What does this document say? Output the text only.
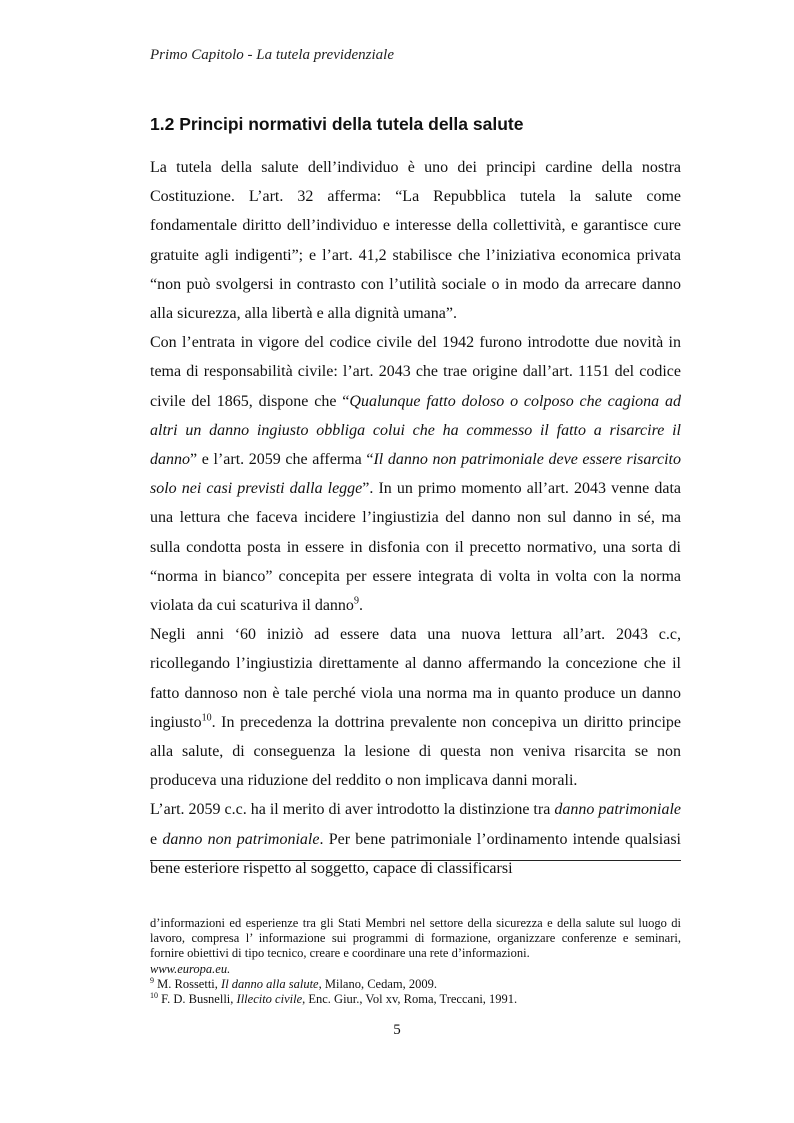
Primo Capitolo - La tutela previdenziale
1.2 Principi normativi della tutela della salute

La tutela della salute dell’individuo è uno dei principi cardine della nostra Costituzione. L’art. 32 afferma: “La Repubblica tutela la salute come fondamentale diritto dell’individuo e interesse della collettività, e garantisce cure gratuite agli indigenti”; e l’art. 41,2 stabilisce che l’iniziativa economica privata “non può svolgersi in contrasto con l’utilità sociale o in modo da arrecare danno alla sicurezza, alla libertà e alla dignità umana”.

Con l’entrata in vigore del codice civile del 1942 furono introdotte due novità in tema di responsabilità civile: l’art. 2043 che trae origine dall’art. 1151 del codice civile del 1865, dispone che “Qualunque fatto doloso o colposo che cagiona ad altri un danno ingiusto obbliga colui che ha commesso il fatto a risarcire il danno” e l’art. 2059 che afferma “Il danno non patrimoniale deve essere risarcito solo nei casi previsti dalla legge”. In un primo momento all’art. 2043 venne data una lettura che faceva incidere l’ingiustizia del danno non sul danno in sé, ma sulla condotta posta in essere in disfonia con il precetto normativo, una sorta di “norma in bianco” concepita per essere integrata di volta in volta con la norma violata da cui scaturiva il danno$^9$.

Negli anni ‘60 iniziò ad essere data una nuova lettura all’art. 2043 c.c, ricollegando l’ingiustizia direttamente al danno affermando la concezione che il fatto dannoso non è tale perché viola una norma ma in quanto produce un danno ingiusto$^{10}$. In precedenza la dottrina prevalente non concepiva un diritto principe alla salute, di conseguenza la lesione di questa non veniva risarcita se non produceva una riduzione del reddito o non implicava danni morali.

L’art. 2059 c.c. ha il merito di aver introdotto la distinzione tra danno patrimoniale e danno non patrimoniale. Per bene patrimoniale l’ordinamento intende qualsiasi bene esteriore rispetto al soggetto, capace di classificarsi

d’informazioni ed esperienze tra gli Stati Membri nel settore della sicurezza e della salute sul luogo di lavoro, compresa l’ informazione sui programmi di formazione, organizzare conferenze e seminari, fornire obiettivi di tipo tecnico, creare e coordinare una rete d’informazioni.
www.europa.eu.

$^9$ M. Rossetti, Il danno alla salute, Milano, Cedam, 2009.

$^{10}$ F. D. Busnelli, Illecito civile, Enc. Giur., Vol xv, Roma, Treccani, 1991.

5
